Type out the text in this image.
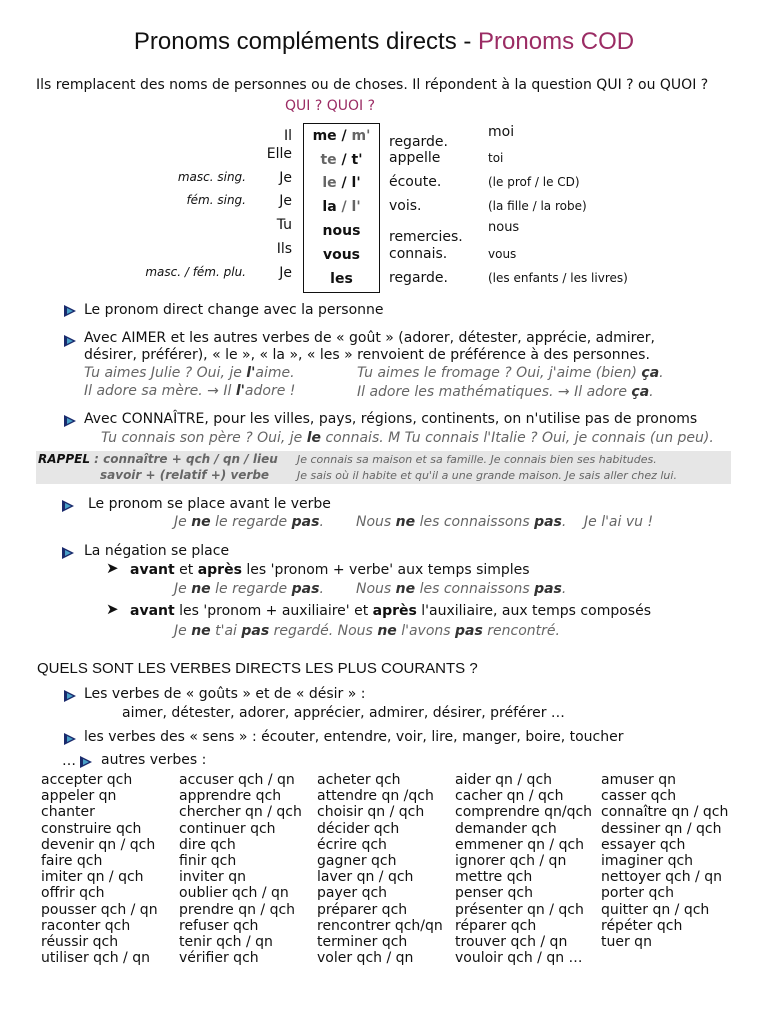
Pronoms compléments directs - Pronoms COD
Ils remplacent des noms de personnes ou de choses. Il répondent à la question QUI ? ou QUOI ?
QUI ? QUOI ?
Il
Elle
Je
Je
Tu
Ils
Je
masc. sing.
fém. sing.
masc. / fém. plu.
me / m'
te / t'
le / l'
la / l'
nous
vous
les
regarde.
appelle
écoute.
vois.
remercies.
connais.
regarde.
moi
toi
(le prof / le CD)
(la fille / la robe)
nous
vous
(les enfants / les livres)
Le pronom direct change avec la personne
Avec AIMER et les autres verbes de « goût » (adorer, détester, apprécie, admirer,
désirer, préférer), « le », « la », « les » renvoient de préférence à des personnes.
Tu aimes Julie ? Oui, je l'aime.	Tu aimes le fromage ? Oui, j'aime (bien) ça.
Il adore sa mère. → Il l'adore !	Il adore les mathématiques. → Il adore ça.
Avec CONNAÎTRE, pour les villes, pays, régions, continents, on n'utilise pas de pronoms
Tu connais son père ? Oui, je le connais. M Tu connais l'Italie ? Oui, je connais (un peu).
RAPPEL : connaître + qch / qn / lieu
savoir + (relatif +) verbe
Je connais sa maison et sa famille. Je connais bien ses habitudes.
Je sais où il habite et qu'il a une grande maison. Je sais aller chez lui.
Le pronom se place avant le verbe
Je ne le regarde pas. Nous ne les connaissons pas. Je l'ai vu !
La négation se place
➤ avant et après les 'pronom + verbe' aux temps simples
Je ne le regarde pas. Nous ne les connaissons pas.
➤ avant les 'pronom + auxiliaire' et après l'auxiliaire, aux temps composés
Je ne t'ai pas regardé. Nous ne l'avons pas rencontré.
QUELS SONT LES VERBES DIRECTS LES PLUS COURANTS ?
Les verbes de « goûts » et de « désir » :
aimer, détester, adorer, apprécier, admirer, désirer, préférer …
les verbes des « sens » : écouter, entendre, voir, lire, manger, boire, toucher
… autres verbes :
accepter qch
appeler qn
chanter
construire qch
devenir qn / qch
faire qch
imiter qn / qch
offrir qch
pousser qch / qn
raconter qch
réussir qch
utiliser qch / qn
accuser qch / qn
apprendre qch
chercher qn / qch
continuer qch
dire qch
finir qch
inviter qn
oublier qch / qn
prendre qn / qch
refuser qch
tenir qch / qn
vérifier qch
acheter qch
attendre qn /qch
choisir qn / qch
décider qch
écrire qch
gagner qch
laver qn / qch
payer qch
préparer qch
rencontrer qch/qn
terminer qch
voler qch / qn
aider qn / qch
cacher qn / qch
comprendre qn/qch
demander qch
emmener qn / qch
ignorer qch / qn
mettre qch
penser qch
présenter qn / qch
réparer qch
trouver qch / qn
vouloir qch / qn …
amuser qn
casser qch
connaître qn / qch
dessiner qn / qch
essayer qch
imaginer qch
nettoyer qch / qn
porter qch
quitter qn / qch
répéter qch
tuer qn
